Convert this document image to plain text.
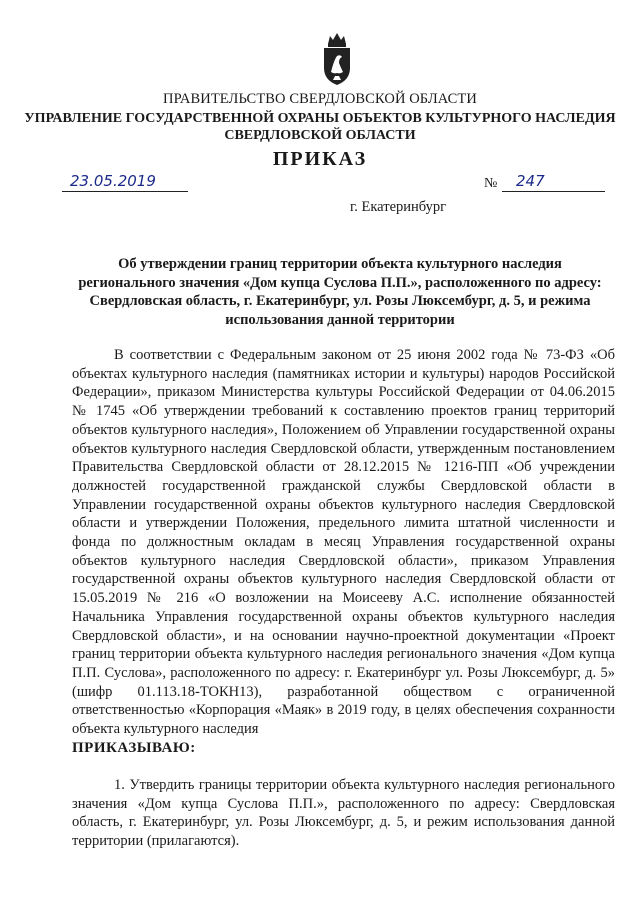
ПРАВИТЕЛЬСТВО СВЕРДЛОВСКОЙ ОБЛАСТИ
УПРАВЛЕНИЕ ГОСУДАРСТВЕННОЙ ОХРАНЫ ОБЪЕКТОВ КУЛЬТУРНОГО НАСЛЕДИЯ СВЕРДЛОВСКОЙ ОБЛАСТИ
ПРИКАЗ
23.05.2019	№	247
г. Екатеринбург
Об утверждении границ территории объекта культурного наследия регионального значения «Дом купца Суслова П.П.», расположенного по адресу: Свердловская область, г. Екатеринбург, ул. Розы Люксембург, д. 5, и режима использования данной территории
В соответствии с Федеральным законом от 25 июня 2002 года № 73-ФЗ «Об объектах культурного наследия (памятниках истории и культуры) народов Российской Федерации», приказом Министерства культуры Российской Федерации от 04.06.2015 № 1745 «Об утверждении требований к составлению проектов границ территорий объектов культурного наследия», Положением об Управлении государственной охраны объектов культурного наследия Свердловской области, утвержденным постановлением Правительства Свердловской области от 28.12.2015 № 1216-ПП «Об учреждении должностей государственной гражданской службы Свердловской области в Управлении государственной охраны объектов культурного наследия Свердловской области и утверждении Положения, предельного лимита штатной численности и фонда по должностным окладам в месяц Управления государственной охраны объектов культурного наследия Свердловской области», приказом Управления государственной охраны объектов культурного наследия Свердловской области от 15.05.2019 № 216 «О возложении на Моисееву А.С. исполнение обязанностей Начальника Управления государственной охраны объектов культурного наследия Свердловской области», и на основании научно-проектной документации «Проект границ территории объекта культурного наследия регионального значения «Дом купца П.П. Суслова», расположенного по адресу: г. Екатеринбург ул. Розы Люксембург, д. 5» (шифр 01.113.18-ТОКН13), разработанной обществом с ограниченной ответственностью «Корпорация «Маяк» в 2019 году, в целях обеспечения сохранности объекта культурного наследия
ПРИКАЗЫВАЮ:
1. Утвердить границы территории объекта культурного наследия регионального значения «Дом купца Суслова П.П.», расположенного по адресу: Свердловская область, г. Екатеринбург, ул. Розы Люксембург, д. 5, и режим использования данной территории (прилагаются).
